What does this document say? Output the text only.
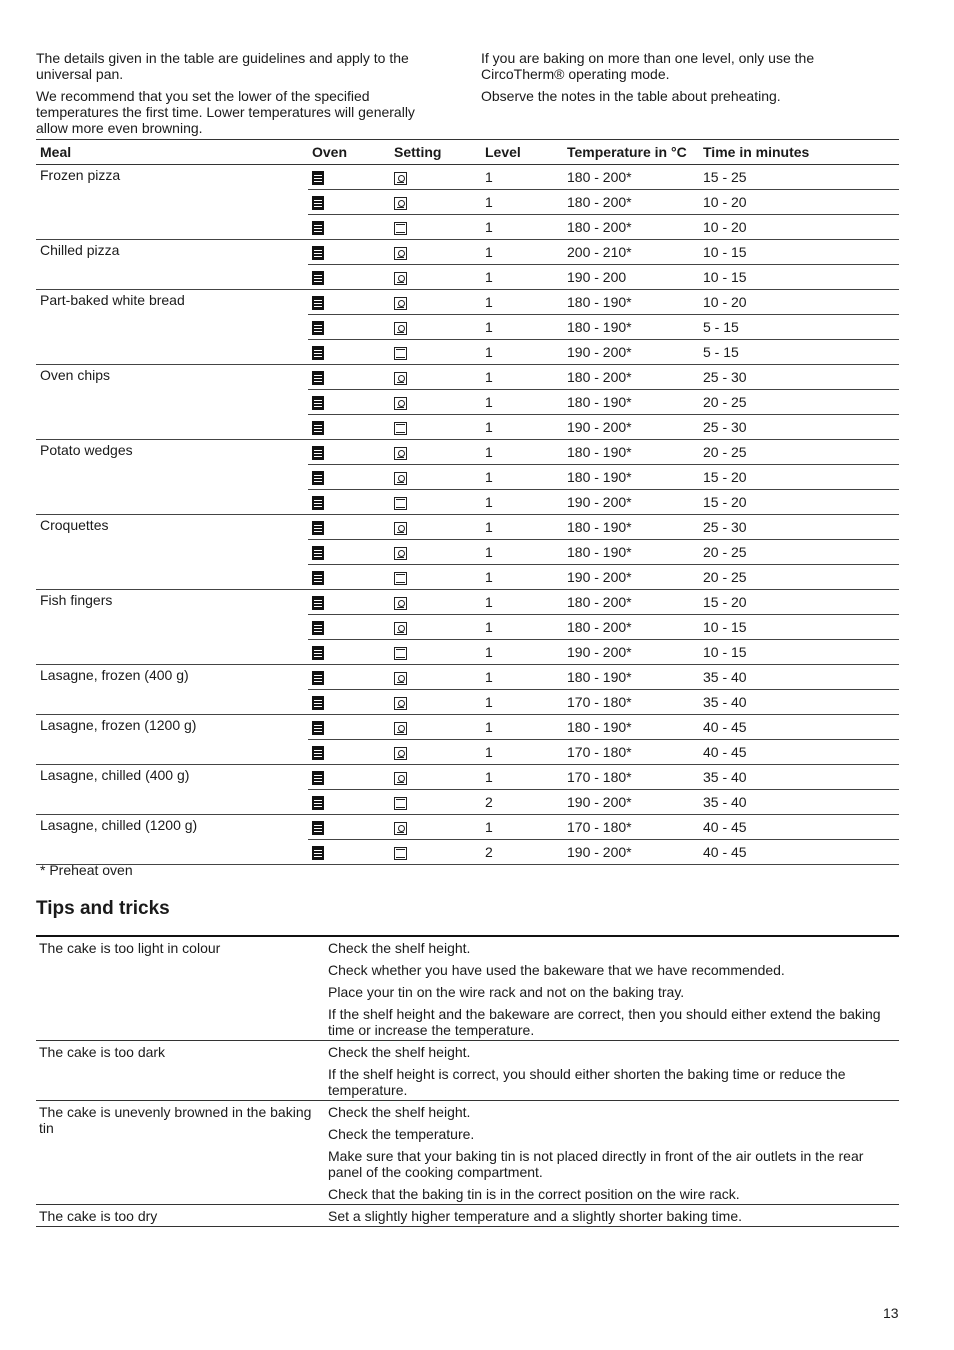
The details given in the table are guidelines and apply to the universal pan.

We recommend that you set the lower of the specified temperatures the first time. Lower temperatures will generally allow more even browning.

If you are baking on more than one level, only use the   CircoTherm® operating mode.

Observe the notes in the table about preheating.

Meal	Oven	Setting	Level	Temperature in °C	Time in minutes
Frozen pizza			1	180 - 200*	15 - 25
			1	180 - 200*	10 - 20
			1	180 - 200*	10 - 20
Chilled pizza			1	200 - 210*	10 - 15
			1	190 - 200	10 - 15
Part-baked white bread			1	180 - 190*	10 - 20
			1	180 - 190*	5 - 15
			1	190 - 200*	5 - 15
Oven chips			1	180 - 200*	25 - 30
			1	180 - 190*	20 - 25
			1	190 - 200*	25 - 30
Potato wedges			1	180 - 190*	20 - 25
			1	180 - 190*	15 - 20
			1	190 - 200*	15 - 20
Croquettes			1	180 - 190*	25 - 30
			1	180 - 190*	20 - 25
			1	190 - 200*	20 - 25
Fish fingers			1	180 - 200*	15 - 20
			1	180 - 200*	10 - 15
			1	190 - 200*	10 - 15
Lasagne, frozen (400 g)			1	180 - 190*	35 - 40
			1	170 - 180*	35 - 40
Lasagne, frozen (1200 g)			1	180 - 190*	40 - 45
			1	170 - 180*	40 - 45
Lasagne, chilled (400 g)			1	170 - 180*	35 - 40
			2	190 - 200*	35 - 40
Lasagne, chilled (1200 g)			1	170 - 180*	40 - 45
			2	190 - 200*	40 - 45
* Preheat oven
Tips and tricks
The cake is too light in colour	Check the shelf height.

Check whether you have used the bakeware that we have recommended.

Place your tin on the wire rack and not on the baking tray.

If the shelf height and the bakeware are correct, then you should either extend the baking time or increase the temperature.

The cake is too dark	Check the shelf height.

If the shelf height is correct, you should either shorten the baking time or reduce the temperature.

The cake is unevenly browned in the baking tin	Check the shelf height.

Check the temperature.

Make sure that your baking tin is not placed directly in front of the air outlets in the rear panel of the cooking compartment.

Check that the baking tin is in the correct position on the wire rack.

The cake is too dry	Set a slightly higher temperature and a slightly shorter baking time.

13
